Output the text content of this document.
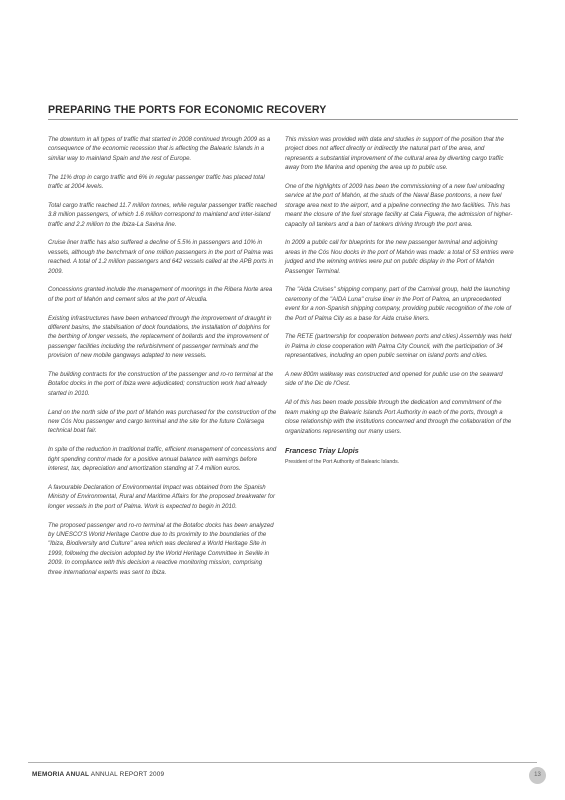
PREPARING THE PORTS FOR ECONOMIC RECOVERY

The downturn in all types of traffic that started in 2008 continued through 2009 as a consequence of the economic recession that is affecting the Balearic Islands in a similar way to mainland Spain and the rest of Europe.

The 11% drop in cargo traffic and 6% in regular passenger traffic has placed total traffic at 2004 levels.

Total cargo traffic reached 11.7 million tonnes, while regular passenger traffic reached 3.8 million passengers, of which 1.6 million correspond to mainland and inter-island traffic and 2.2 million to the Ibiza-La Savina line.

Cruise liner traffic has also suffered a decline of 5.5% in passengers and 10% in vessels, although the benchmark of one million passengers in the port of Palma was reached. A total of 1.2 million passengers and 642 vessels called at the APB ports in 2009.

Concessions granted include the management of moorings in the Ribera Norte area of the port of Mahón and cement silos at the port of Alcudia.

Existing infrastructures have been enhanced through the improvement of draught in different basins, the stabilisation of dock foundations, the installation of dolphins for the berthing of longer vessels, the replacement of bollards and the improvement of passenger facilities including the refurbishment of passenger terminals and the provision of new mobile gangways adapted to new vessels.

The building contracts for the construction of the passenger and ro-ro terminal at the Botafoc docks in the port of Ibiza were adjudicated; construction work had already started in 2010.

Land on the north side of the port of Mahón was purchased for the construction of the new Cós Nou passenger and cargo terminal and the site for the future Colársega technical boat fair.

In spite of the reduction in traditional traffic, efficient management of concessions and tight spending control made for a positive annual balance with earnings before interest, tax, depreciation and amortization standing at 7.4 million euros.

A favourable Declaration of Environmental Impact was obtained from the Spanish Ministry of Environmental, Rural and Maritime Affairs for the proposed breakwater for longer vessels in the port of Palma. Work is expected to begin in 2010.

The proposed passenger and ro-ro terminal at the Botafoc docks has been analyzed by UNESCO'S World Heritage Centre due to its proximity to the boundaries of the "Ibiza, Biodiversity and Culture" area which was declared a World Heritage Site in 1999, following the decision adopted by the World Heritage Committee in Seville in 2009. In compliance with this decision a reactive monitoring mission, comprising three international experts was sent to Ibiza.

This mission was provided with data and studies in support of the position that the project does not affect directly or indirectly the natural part of the area, and represents a substantial improvement of the cultural area by diverting cargo traffic away from the Marina and opening the area up to public use.

One of the highlights of 2009 has been the commissioning of a new fuel unloading service at the port of Mahón, at the studs of the Naval Base pontoons, a new fuel storage area next to the airport, and a pipeline connecting the two facilities. This has meant the closure of the fuel storage facility at Cala Figuera, the admission of higher-capacity oil tankers and a ban of tankers driving through the port area.

In 2009 a public call for blueprints for the new passenger terminal and adjoining areas in the Cós Nou docks in the port of Mahón was made: a total of 53 entries were judged and the winning entries were put on public display in the Port of Mahón Passenger Terminal.

The "Aida Cruises" shipping company, part of the Carnival group, held the launching ceremony of the "AIDA Luna" cruise liner in the Port of Palma, an unprecedented event for a non-Spanish shipping company, providing public recognition of the role of the Port of Palma City as a base for Aida cruise liners.

The RETE (partnership for cooperation between ports and cities) Assembly was held in Palma in close cooperation with Palma City Council, with the participation of 34 representatives, including an open public seminar on island ports and cities.

A new 800m walkway was constructed and opened for public use on the seaward side of the Dic de l'Oest.

All of this has been made possible through the dedication and commitment of the team making up the Balearic Islands Port Authority in each of the ports, through a close relationship with the institutions concerned and through the collaboration of the organizations representing our many users.

Francesc Triay Llopis
President of the Port Authority of Balearic Islands.
MEMORIA ANUAL ANNUAL REPORT 2009	13
